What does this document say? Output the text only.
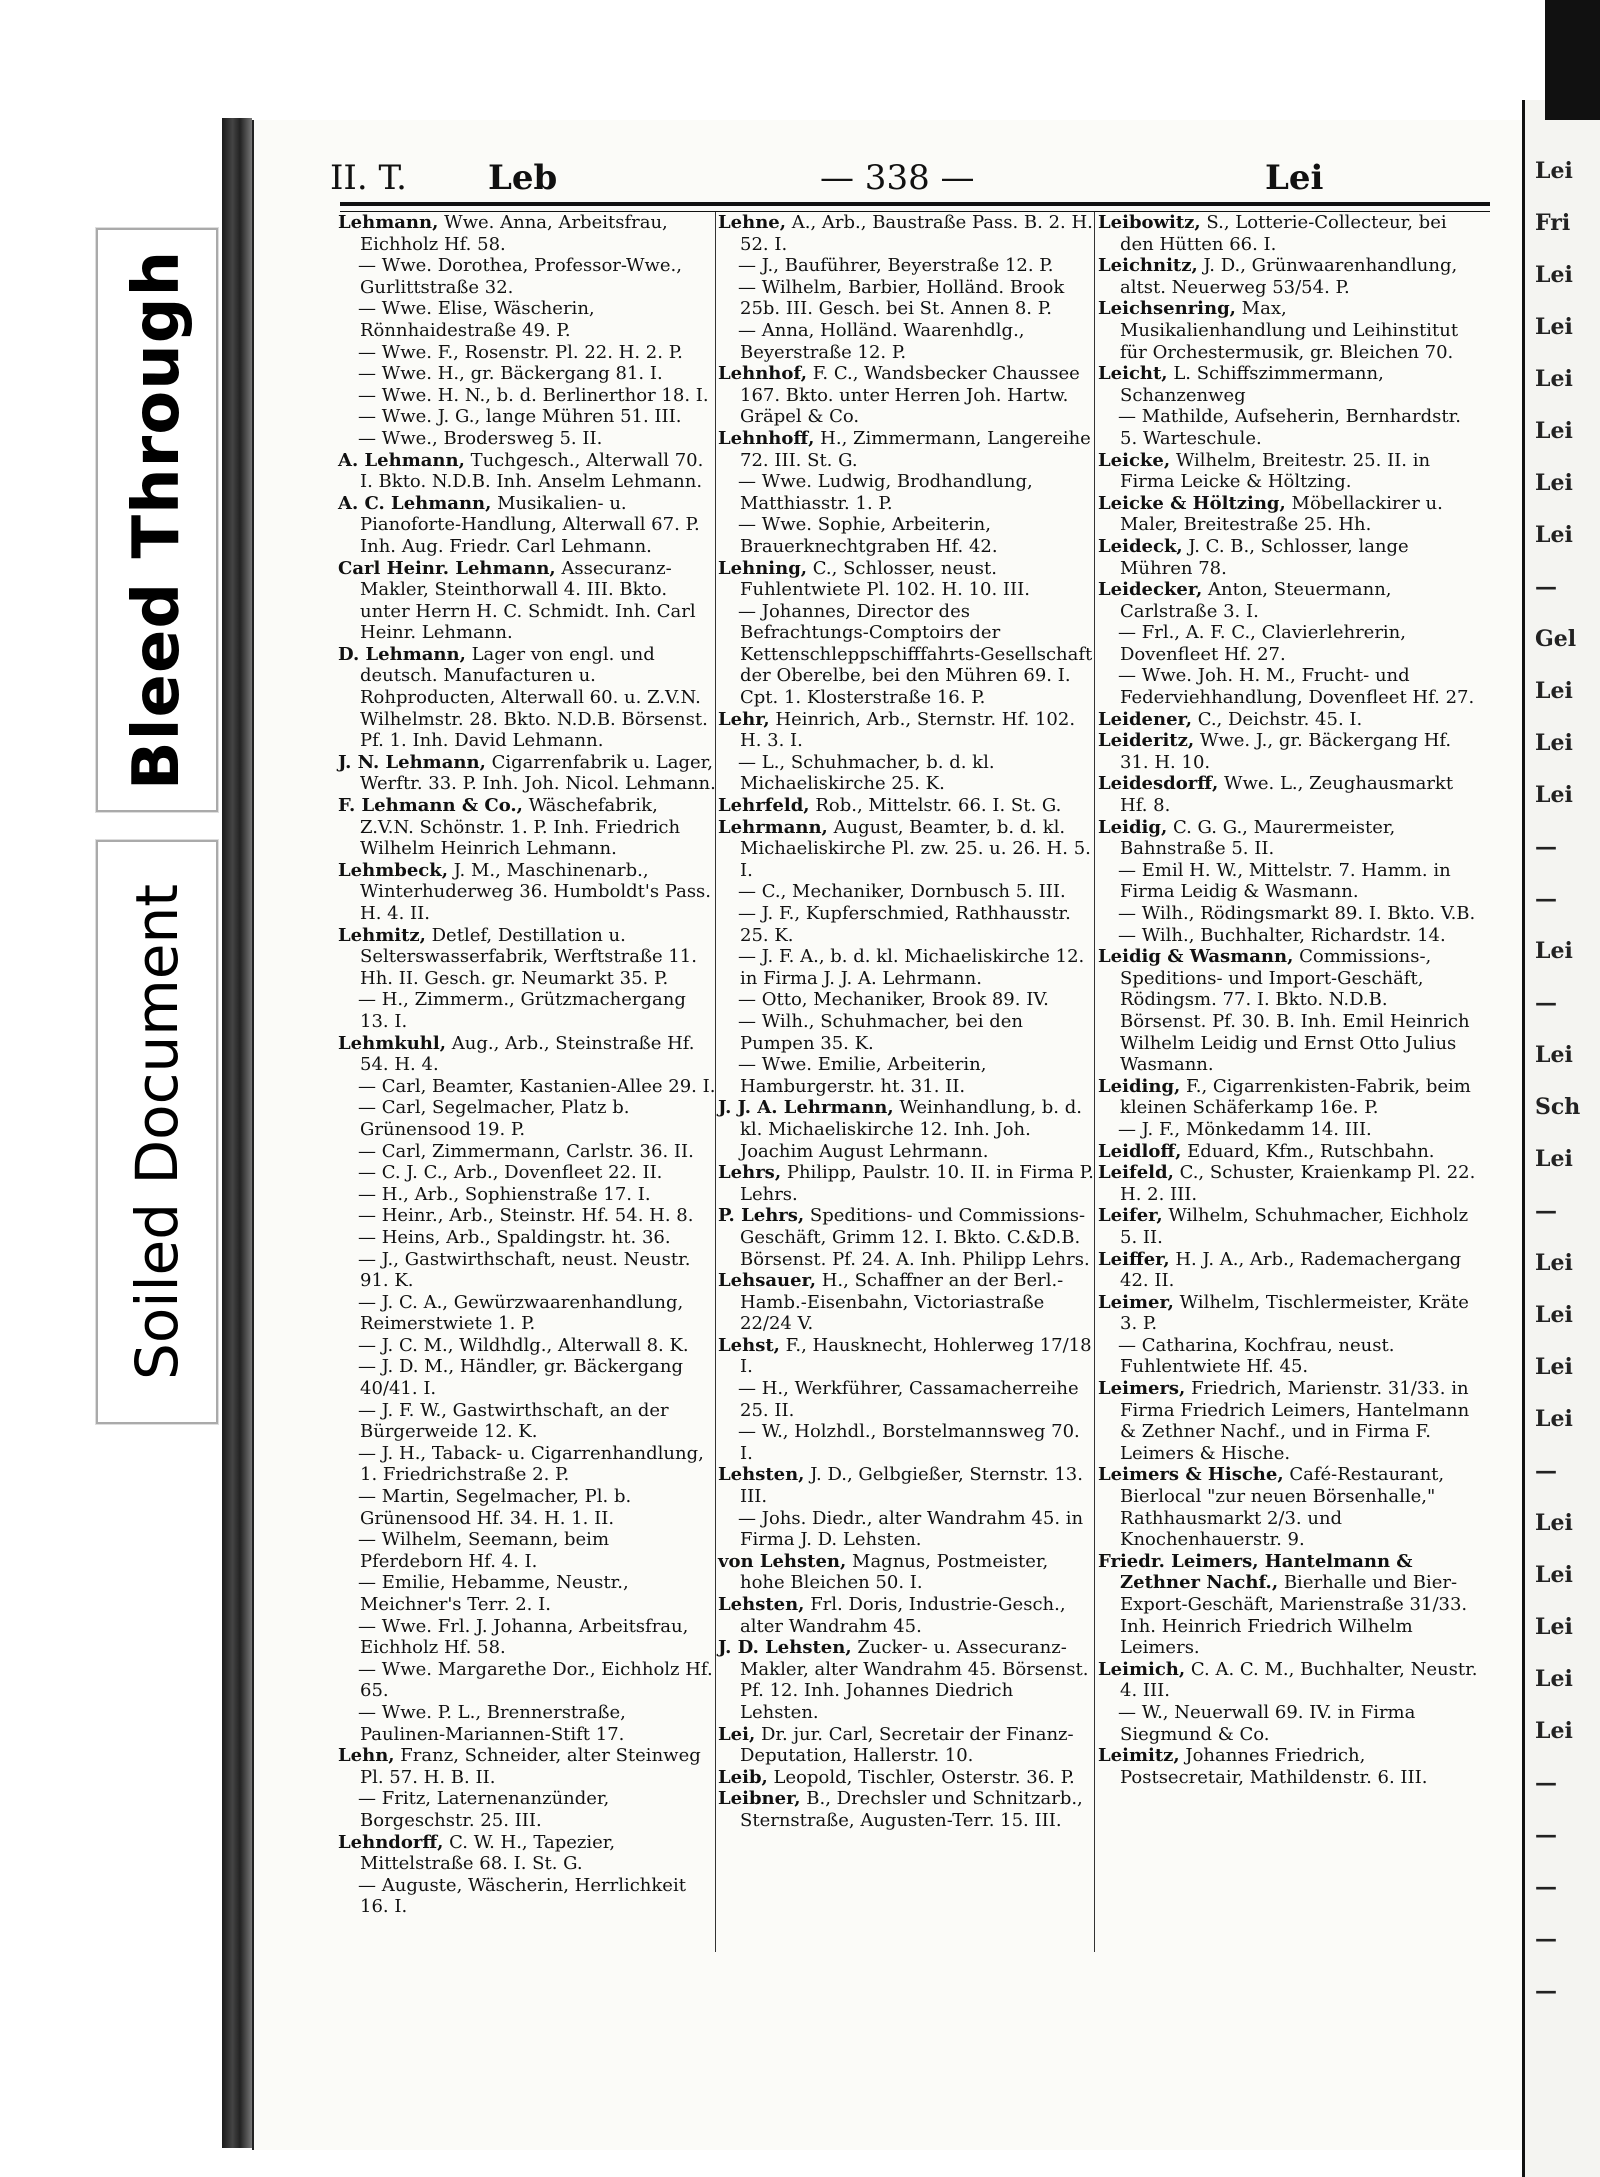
Bleed Through
Soiled Document
II. T. Leb	— 338 —	Lei
Lehmann, Wwe. Anna, Arbeitsfrau, Eichholz Hf. 58.
— Wwe. Dorothea, Professor-Wwe., Gurlittstraße 32.
— Wwe. Elise, Wäscherin, Rönnhaidestraße 49. P.
— Wwe. F., Rosenstr. Pl. 22. H. 2. P.
— Wwe. H., gr. Bäckergang 81. I.
— Wwe. H. N., b. d. Berlinerthor 18. I.
— Wwe. J. G., lange Mühren 51. III.
— Wwe., Brodersweg 5. II.
A. Lehmann, Tuchgesch., Alterwall 70. I. Bkto. N.D.B. Inh. Anselm Lehmann.
A. C. Lehmann, Musikalien- u. Pianoforte-Handlung, Alterwall 67. P. Inh. Aug. Friedr. Carl Lehmann.
Carl Heinr. Lehmann, Assecuranz-Makler, Steinthorwall 4. III. Bkto. unter Herrn H. C. Schmidt. Inh. Carl Heinr. Lehmann.
D. Lehmann, Lager von engl. und deutsch. Manufacturen u. Rohproducten, Alterwall 60. u. Z.V.N. Wilhelmstr. 28. Bkto. N.D.B. Börsenst. Pf. 1. Inh. David Lehmann.
J. N. Lehmann, Cigarrenfabrik u. Lager, Werftr. 33. P. Inh. Joh. Nicol. Lehmann.
F. Lehmann & Co., Wäschefabrik, Z.V.N. Schönstr. 1. P. Inh. Friedrich Wilhelm Heinrich Lehmann.
Lehmbeck, J. M., Maschinenarb., Winterhuderweg 36. Humboldt's Pass. H. 4. II.
Lehmitz, Detlef, Destillation u. Selterswasserfabrik, Werftstraße 11. Hh. II. Gesch. gr. Neumarkt 35. P.
— H., Zimmerm., Grützmachergang 13. I.
Lehmkuhl, Aug., Arb., Steinstraße Hf. 54. H. 4.
— Carl, Beamter, Kastanien-Allee 29. I.
— Carl, Segelmacher, Platz b. Grünensood 19. P.
— Carl, Zimmermann, Carlstr. 36. II.
— C. J. C., Arb., Dovenfleet 22. II.
— H., Arb., Sophienstraße 17. I.
— Heinr., Arb., Steinstr. Hf. 54. H. 8.
— Heins, Arb., Spaldingstr. ht. 36.
— J., Gastwirthschaft, neust. Neustr. 91. K.
— J. C. A., Gewürzwaarenhandlung, Reimerstwiete 1. P.
— J. C. M., Wildhdlg., Alterwall 8. K.
— J. D. M., Händler, gr. Bäckergang 40/41. I.
— J. F. W., Gastwirthschaft, an der Bürgerweide 12. K.
— J. H., Taback- u. Cigarrenhandlung, 1. Friedrichstraße 2. P.
— Martin, Segelmacher, Pl. b. Grünensood Hf. 34. H. 1. II.
— Wilhelm, Seemann, beim Pferdeborn Hf. 4. I.
— Emilie, Hebamme, Neustr., Meichner's Terr. 2. I.
— Wwe. Frl. J. Johanna, Arbeitsfrau, Eichholz Hf. 58.
— Wwe. Margarethe Dor., Eichholz Hf. 65.
— Wwe. P. L., Brennerstraße, Paulinen-Mariannen-Stift 17.
Lehn, Franz, Schneider, alter Steinweg Pl. 57. H. B. II.
— Fritz, Laternenanzünder, Borgeschstr. 25. III.
Lehndorff, C. W. H., Tapezier, Mittelstraße 68. I. St. G.
— Auguste, Wäscherin, Herrlichkeit 16. I.
Lehne, A., Arb., Baustraße Pass. B. 2. H. 52. I.
— J., Bauführer, Beyerstraße 12. P.
— Wilhelm, Barbier, Holländ. Brook 25b. III. Gesch. bei St. Annen 8. P.
— Anna, Holländ. Waarenhdlg., Beyerstraße 12. P.
Lehnhof, F. C., Wandsbecker Chaussee 167. Bkto. unter Herren Joh. Hartw. Gräpel & Co.
Lehnhoff, H., Zimmermann, Langereihe 72. III. St. G.
— Wwe. Ludwig, Brodhandlung, Matthiasstr. 1. P.
— Wwe. Sophie, Arbeiterin, Brauerknechtgraben Hf. 42.
Lehning, C., Schlosser, neust. Fuhlentwiete Pl. 102. H. 10. III.
— Johannes, Director des Befrachtungs-Comptoirs der Kettenschleppschifffahrts-Gesellschaft der Oberelbe, bei den Mühren 69. I. Cpt. 1. Klosterstraße 16. P.
Lehr, Heinrich, Arb., Sternstr. Hf. 102. H. 3. I.
— L., Schuhmacher, b. d. kl. Michaeliskirche 25. K.
Lehrfeld, Rob., Mittelstr. 66. I. St. G.
Lehrmann, August, Beamter, b. d. kl. Michaeliskirche Pl. zw. 25. u. 26. H. 5. I.
— C., Mechaniker, Dornbusch 5. III.
— J. F., Kupferschmied, Rathhausstr. 25. K.
— J. F. A., b. d. kl. Michaeliskirche 12. in Firma J. J. A. Lehrmann.
— Otto, Mechaniker, Brook 89. IV.
— Wilh., Schuhmacher, bei den Pumpen 35. K.
— Wwe. Emilie, Arbeiterin, Hamburgerstr. ht. 31. II.
J. J. A. Lehrmann, Weinhandlung, b. d. kl. Michaeliskirche 12. Inh. Joh. Joachim August Lehrmann.
Lehrs, Philipp, Paulstr. 10. II. in Firma P. Lehrs.
P. Lehrs, Speditions- und Commissions-Geschäft, Grimm 12. I. Bkto. C.&D.B. Börsenst. Pf. 24. A. Inh. Philipp Lehrs.
Lehsauer, H., Schaffner an der Berl.-Hamb.-Eisenbahn, Victoriastraße 22/24 V.
Lehst, F., Hausknecht, Hohlerweg 17/18 I.
— H., Werkführer, Cassamacherreihe 25. II.
— W., Holzhdl., Borstelmannsweg 70. I.
Lehsten, J. D., Gelbgießer, Sternstr. 13. III.
— Johs. Diedr., alter Wandrahm 45. in Firma J. D. Lehsten.
von Lehsten, Magnus, Postmeister, hohe Bleichen 50. I.
Lehsten, Frl. Doris, Industrie-Gesch., alter Wandrahm 45.
J. D. Lehsten, Zucker- u. Assecuranz-Makler, alter Wandrahm 45. Börsenst. Pf. 12. Inh. Johannes Diedrich Lehsten.
Lei, Dr. jur. Carl, Secretair der Finanz-Deputation, Hallerstr. 10.
Leib, Leopold, Tischler, Osterstr. 36. P.
Leibner, B., Drechsler und Schnitzarb., Sternstraße, Augusten-Terr. 15. III.
Leibowitz, S., Lotterie-Collecteur, bei den Hütten 66. I.
Leichnitz, J. D., Grünwaarenhandlung, altst. Neuerweg 53/54. P.
Leichsenring, Max, Musikalienhandlung und Leihinstitut für Orchestermusik, gr. Bleichen 70.
Leicht, L. Schiffszimmermann, Schanzenweg
— Mathilde, Aufseherin, Bernhardstr. 5. Warteschule.
Leicke, Wilhelm, Breitestr. 25. II. in Firma Leicke & Höltzing.
Leicke & Höltzing, Möbellackirer u. Maler, Breitestraße 25. Hh.
Leideck, J. C. B., Schlosser, lange Mühren 78.
Leidecker, Anton, Steuermann, Carlstraße 3. I.
— Frl., A. F. C., Clavierlehrerin, Dovenfleet Hf. 27.
— Wwe. Joh. H. M., Frucht- und Federviehhandlung, Dovenfleet Hf. 27.
Leidener, C., Deichstr. 45. I.
Leideritz, Wwe. J., gr. Bäckergang Hf. 31. H. 10.
Leidesdorff, Wwe. L., Zeughausmarkt Hf. 8.
Leidig, C. G. G., Maurermeister, Bahnstraße 5. II.
— Emil H. W., Mittelstr. 7. Hamm. in Firma Leidig & Wasmann.
— Wilh., Rödingsmarkt 89. I. Bkto. V.B.
— Wilh., Buchhalter, Richardstr. 14.
Leidig & Wasmann, Commissions-, Speditions- und Import-Geschäft, Rödingsm. 77. I. Bkto. N.D.B. Börsenst. Pf. 30. B. Inh. Emil Heinrich Wilhelm Leidig und Ernst Otto Julius Wasmann.
Leiding, F., Cigarrenkisten-Fabrik, beim kleinen Schäferkamp 16e. P.
— J. F., Mönkedamm 14. III.
Leidloff, Eduard, Kfm., Rutschbahn.
Leifeld, C., Schuster, Kraienkamp Pl. 22. H. 2. III.
Leifer, Wilhelm, Schuhmacher, Eichholz 5. II.
Leiffer, H. J. A., Arb., Rademachergang 42. II.
Leimer, Wilhelm, Tischlermeister, Kräte 3. P.
— Catharina, Kochfrau, neust. Fuhlentwiete Hf. 45.
Leimers, Friedrich, Marienstr. 31/33. in Firma Friedrich Leimers, Hantelmann & Zethner Nachf., und in Firma F. Leimers & Hische.
Leimers & Hische, Café-Restaurant, Bierlocal "zur neuen Börsenhalle," Rathhausmarkt 2/3. und Knochenhauerstr. 9.
Friedr. Leimers, Hantelmann & Zethner Nachf., Bierhalle und Bier-Export-Geschäft, Marienstraße 31/33. Inh. Heinrich Friedrich Wilhelm Leimers.
Leimich, C. A. C. M., Buchhalter, Neustr. 4. III.
— W., Neuerwall 69. IV. in Firma Siegmund & Co.
Leimitz, Johannes Friedrich, Postsecretair, Mathildenstr. 6. III.
Lei
Fri
Lei
Lei
Lei
Lei
Lei
Lei
—
Gel
Lei
Lei
Lei
—
—
Lei
—
Lei
Sch
Lei
—
Lei
Lei
Lei
Lei
—
Lei
Lei
Lei
Lei
Lei
—
—
—
—
—
